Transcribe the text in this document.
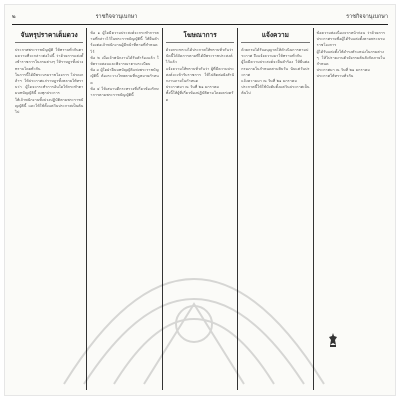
๒	ราชกิจจานุเบกษา	ราชกิจจานุเบกษา
จันทรุปราคาเต็มดวง
ประกาศพระราชบัญญัติ ให้ทราบทั่วกันตามความที่จะกล่าวต่อไปนี้ ว่าด้วยการแต่งตั้งข้าราชการในกรมต่างๆ ให้ราษฎรทั้งปวงทราบโดยทั่วกัน
ในการนี้ได้มีพระบรมราชโองการ โปรดเกล้าฯ ให้ประกาศแก่ราษฎรทั้งหลายให้ทราบว่า ผู้ใดจะกระทำการอันใดให้กระทำตามบทบัญญัตินี้ จงทุกประการ
ให้เจ้าพนักงานทั้งปวงปฏิบัติตามพระราชบัญญัตินี้ และให้ใช้ตั้งแต่วันประกาศเป็นต้นไป
ข้อ ๑ ผู้ใดมีความประสงค์จะกระทำการตามที่กล่าวไว้ในพระราชบัญญัตินี้ ให้ยื่นคำร้องต่อเจ้าพนักงานผู้มีหน้าที่ตามที่กำหนดไว้
ข้อ ๒ เมื่อเจ้าพนักงานได้รับคำร้องแล้ว ให้ตรวจสอบและพิจารณาตามระเบียบ
ข้อ ๓ ผู้ใดฝ่าฝืนบทบัญญัติแห่งพระราชบัญญัตินี้ ต้องระวางโทษตามที่กฎหมายกำหนด
ข้อ ๔ ให้เสนาบดีกระทรวงที่เกี่ยวข้องรักษาการตามพระราชบัญญัตินี้
โฆษณาการ
ด้วยกระทรวงได้ประกาศให้ทราบทั่วกันว่า บัดนี้ได้จัดการตามที่ได้มีพระราชประสงค์ไว้แล้ว
แจ้งความให้ทราบทั่วกันว่า ผู้ที่มีความประสงค์จะเข้ารับราชการ ให้ไปติดต่อยังสำนักงานภายในกำหนด
ประกาศมา ณ วันที่ ๒๑ มกราคม
ทั้งนี้ให้ผู้ที่เกี่ยวข้องปฏิบัติตามโดยเคร่งครัด
แจ้งความ
ด้วยกรมได้รับอนุญาตให้ดำเนินการตามประกาศ จึงแจ้งความมาให้ทราบทั่วกัน
ผู้ใดมีความประสงค์จะยื่นคำร้อง ให้ยื่นต่อกรมภายในกำหนดสามสิบวัน นับแต่วันประกาศ
แจ้งความมา ณ วันที่ ๒๑ มกราคม
ประกาศนี้ให้ใช้บังคับตั้งแต่วันประกาศเป็นต้นไป
ข้อความต่อเนื่องจากหน้าก่อน ว่าด้วยการประกาศรายชื่อผู้ได้รับแต่งตั้งตามพระบรมราชโองการ
ผู้ได้รับแต่งตั้งให้ดำรงตำแหน่งในกรมต่างๆ ให้ไปรายงานตัวยังกรมต้นสังกัดภายในกำหนด
ประกาศมา ณ วันที่ ๒๑ มกราคม
ประกาศให้ทราบทั่วกัน
